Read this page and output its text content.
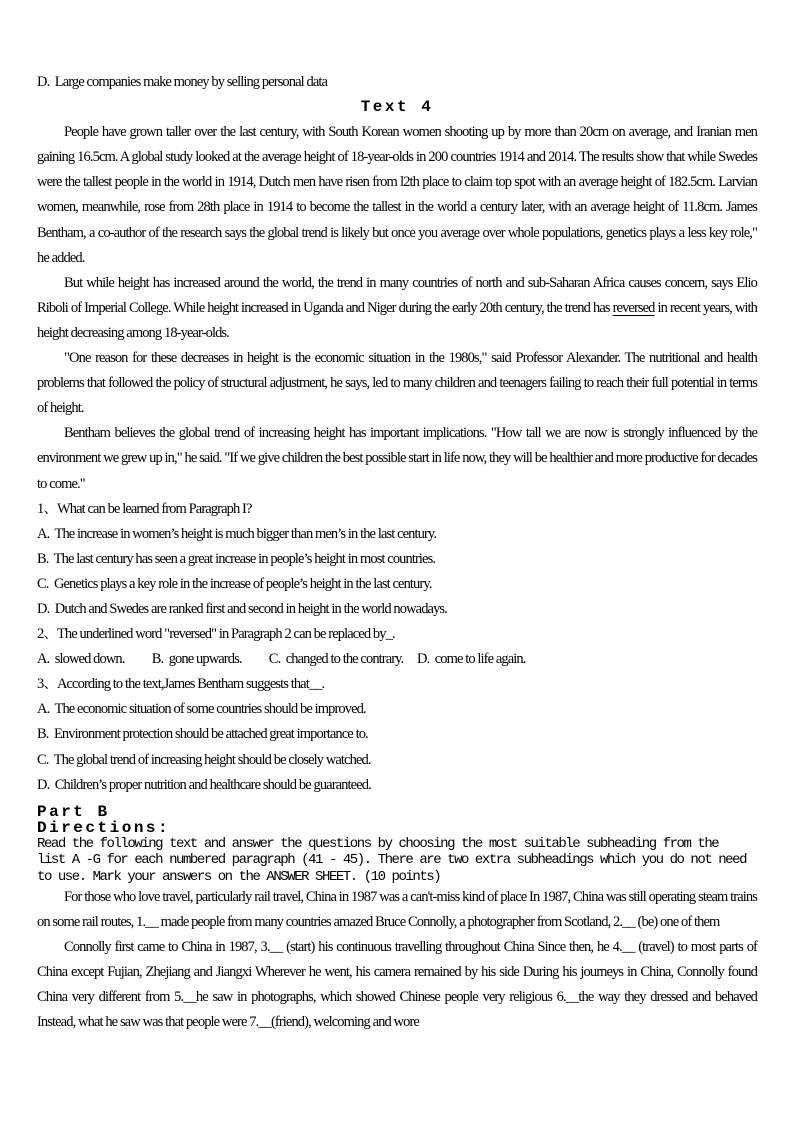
D.  Large companies make money by selling personal data
Text 4

People have grown taller over the last century, with South Korean women shooting up by more than 20cm on average, and Iranian men gaining 16.5cm. A global study looked at the average height of 18-year-olds in 200 countries 1914 and 2014. The results show that while Swedes were the tallest people in the world in 1914, Dutch men have risen from l2th place to claim top spot with an average height of 182.5cm. Larvian women, meanwhile, rose from 28th place in 1914 to become the tallest in the world a century later, with an average height of 11.8cm. James Bentham, a co-author of the research says the global trend is likely but once you average over whole populations, genetics plays a less key role," he added.

But while height has increased around the world, the trend in many countries of north and sub-Saharan Africa causes concern, says Elio Riboli of Imperial College. While height increased in Uganda and Niger during the early 20th century, the trend has reversed in recent years, with height decreasing among 18-year-olds.

"One reason for these decreases in height is the economic situation in the 1980s," said Professor Alexander. The nutritional and health problems that followed the policy of structural adjustment, he says, led to many children and teenagers failing to reach their full potential in terms of height.

Bentham believes the global trend of increasing height has important implications. "How tall we are now is strongly influenced by the environment we grew up in," he said. "If we give children the best possible start in life now, they will be healthier and more productive for decades to come."

1、What can be learned from Paragraph I?
A.  The increase in women’s height is much bigger than men’s in the last century.
B.  The last century has seen a great increase in people’s height in most countries.
C.  Genetics plays a key role in the increase of people’s height in the last century.
D.  Dutch and Swedes are ranked first and second in height in the world nowadays.
2、The underlined word "reversed" in Paragraph 2 can be replaced by_.
A.  slowed down.          B.  gone upwards.          C.  changed to the contrary.     D.  come to life again.
3、According to the text,James Bentham suggests that__.
A.  The economic situation of some countries should be improved.
B.  Environment protection should be attached great importance to.
C.  The global trend of increasing height should be closely watched.
D.  Children’s proper nutrition and healthcare should be guaranteed.
Part B
Directions:
Read the following text and answer the questions by choosing the most suitable subheading from the
list A -G for each numbered paragraph (41 - 45). There are two extra subheadings which you do not need
to use. Mark your answers on the ANSWER SHEET. (10 points)

For those who love travel, particularly rail travel, China in 1987 was a can't-miss kind of place In 1987, China was still operating steam trains on some rail routes, 1.__ made people from many countries amazed Bruce Connolly, a photographer from Scotland, 2.__ (be) one of them

Connolly first came to China in 1987, 3.__ (start) his continuous travelling throughout China Since then, he 4.__ (travel) to most parts of China except Fujian, Zhejiang and Jiangxi Wherever he went, his camera remained by his side During his journeys in China, Connolly found China very different from 5.__he saw in photographs, which showed Chinese people very religious 6.__the way they dressed and behaved Instead, what he saw was that people were 7.__(friend), welcoming and wore
